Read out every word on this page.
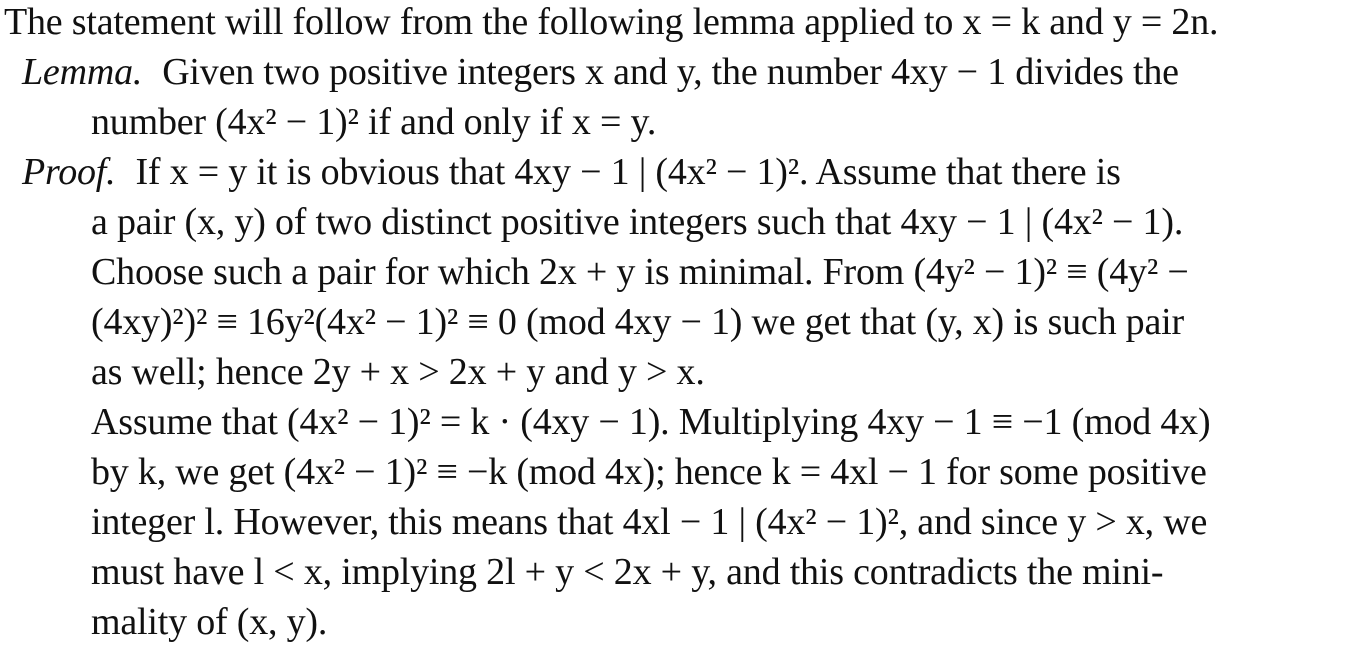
The statement will follow from the following lemma applied to x = k and y = 2n.
Lemma. Given two positive integers x and y, the number 4xy − 1 divides the
number (4x² − 1)² if and only if x = y.
Proof. If x = y it is obvious that 4xy − 1 | (4x² − 1)². Assume that there is
a pair (x, y) of two distinct positive integers such that 4xy − 1 | (4x² − 1).
Choose such a pair for which 2x + y is minimal. From (4y² − 1)² ≡ (4y² −
(4xy)²)² ≡ 16y²(4x² − 1)² ≡ 0 (mod 4xy − 1) we get that (y, x) is such pair
as well; hence 2y + x > 2x + y and y > x.
Assume that (4x² − 1)² = k · (4xy − 1). Multiplying 4xy − 1 ≡ −1 (mod 4x)
by k, we get (4x² − 1)² ≡ −k (mod 4x); hence k = 4xl − 1 for some positive
integer l. However, this means that 4xl − 1 | (4x² − 1)², and since y > x, we
must have l < x, implying 2l + y < 2x + y, and this contradicts the mini-
mality of (x, y).
